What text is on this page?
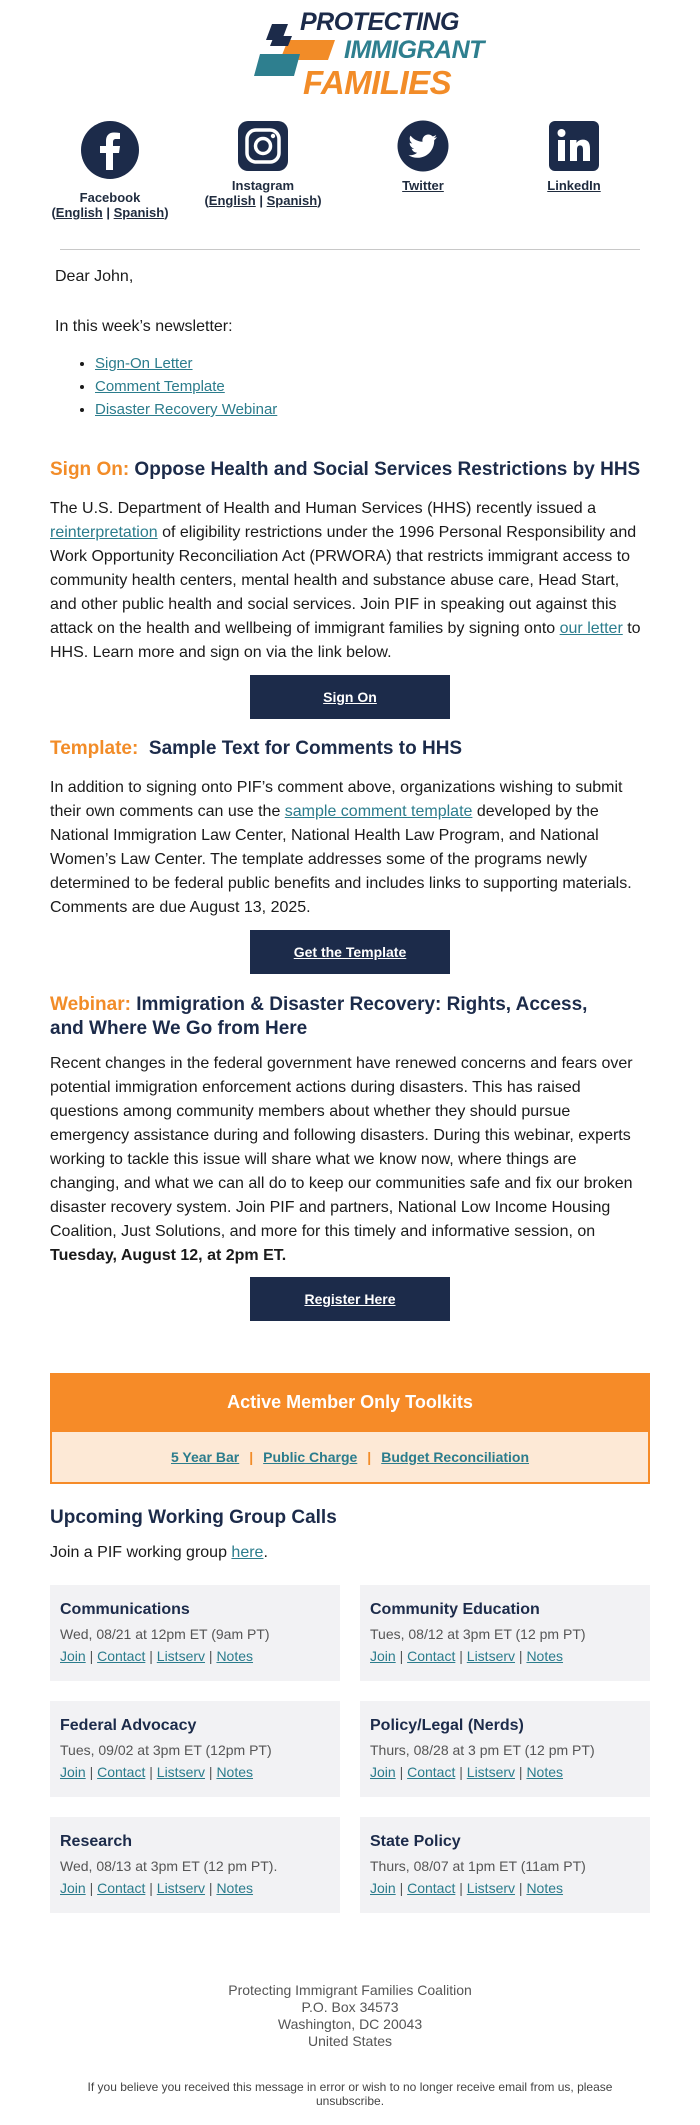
PROTECTING
IMMIGRANT
FAMILIES
Facebook
(English | Spanish)
Instagram
(English | Spanish)
Twitter	LinkedIn
Dear John,
In this week’s newsletter:
• Sign-On Letter
• Comment Template
• Disaster Recovery Webinar
Sign On: Oppose Health and Social Services Restrictions by HHS
The U.S. Department of Health and Human Services (HHS) recently issued a reinterpretation of eligibility restrictions under the 1996 Personal Responsibility and Work Opportunity Reconciliation Act (PRWORA) that restricts immigrant access to community health centers, mental health and substance abuse care, Head Start, and other public health and social services. Join PIF in speaking out against this attack on the health and wellbeing of immigrant families by signing onto our letter to HHS. Learn more and sign on via the link below.
Sign On
Template:  Sample Text for Comments to HHS
In addition to signing onto PIF’s comment above, organizations wishing to submit their own comments can use the sample comment template developed by the National Immigration Law Center, National Health Law Program, and National Women’s Law Center. The template addresses some of the programs newly determined to be federal public benefits and includes links to supporting materials. Comments are due August 13, 2025.
Get the Template
Webinar: Immigration & Disaster Recovery: Rights, Access, and Where We Go from Here
Recent changes in the federal government have renewed concerns and fears over potential immigration enforcement actions during disasters. This has raised questions among community members about whether they should pursue emergency assistance during and following disasters. During this webinar, experts working to tackle this issue will share what we know now, where things are changing, and what we can all do to keep our communities safe and fix our broken disaster recovery system. Join PIF and partners, National Low Income Housing Coalition, Just Solutions, and more for this timely and informative session, on Tuesday, August 12, at 2pm ET.
Register Here
Active Member Only Toolkits
5 Year Bar | Public Charge | Budget Reconciliation
Upcoming Working Group Calls
Join a PIF working group here.
Communications
Wed, 08/21 at 12pm ET (9am PT)
Join | Contact | Listserv | Notes
Community Education
Tues, 08/12 at 3pm ET (12 pm PT)
Join | Contact | Listserv | Notes
Federal Advocacy
Tues, 09/02 at 3pm ET (12pm PT)
Join | Contact | Listserv | Notes
Policy/Legal (Nerds)
Thurs, 08/28 at 3 pm ET (12 pm PT)
Join | Contact | Listserv | Notes
Research
Wed, 08/13 at 3pm ET (12 pm PT).
Join | Contact | Listserv | Notes
State Policy
Thurs, 08/07 at 1pm ET (11am PT)
Join | Contact | Listserv | Notes
Protecting Immigrant Families Coalition
P.O. Box 34573
Washington, DC 20043
United States
If you believe you received this message in error or wish to no longer receive email from us, please unsubscribe.
